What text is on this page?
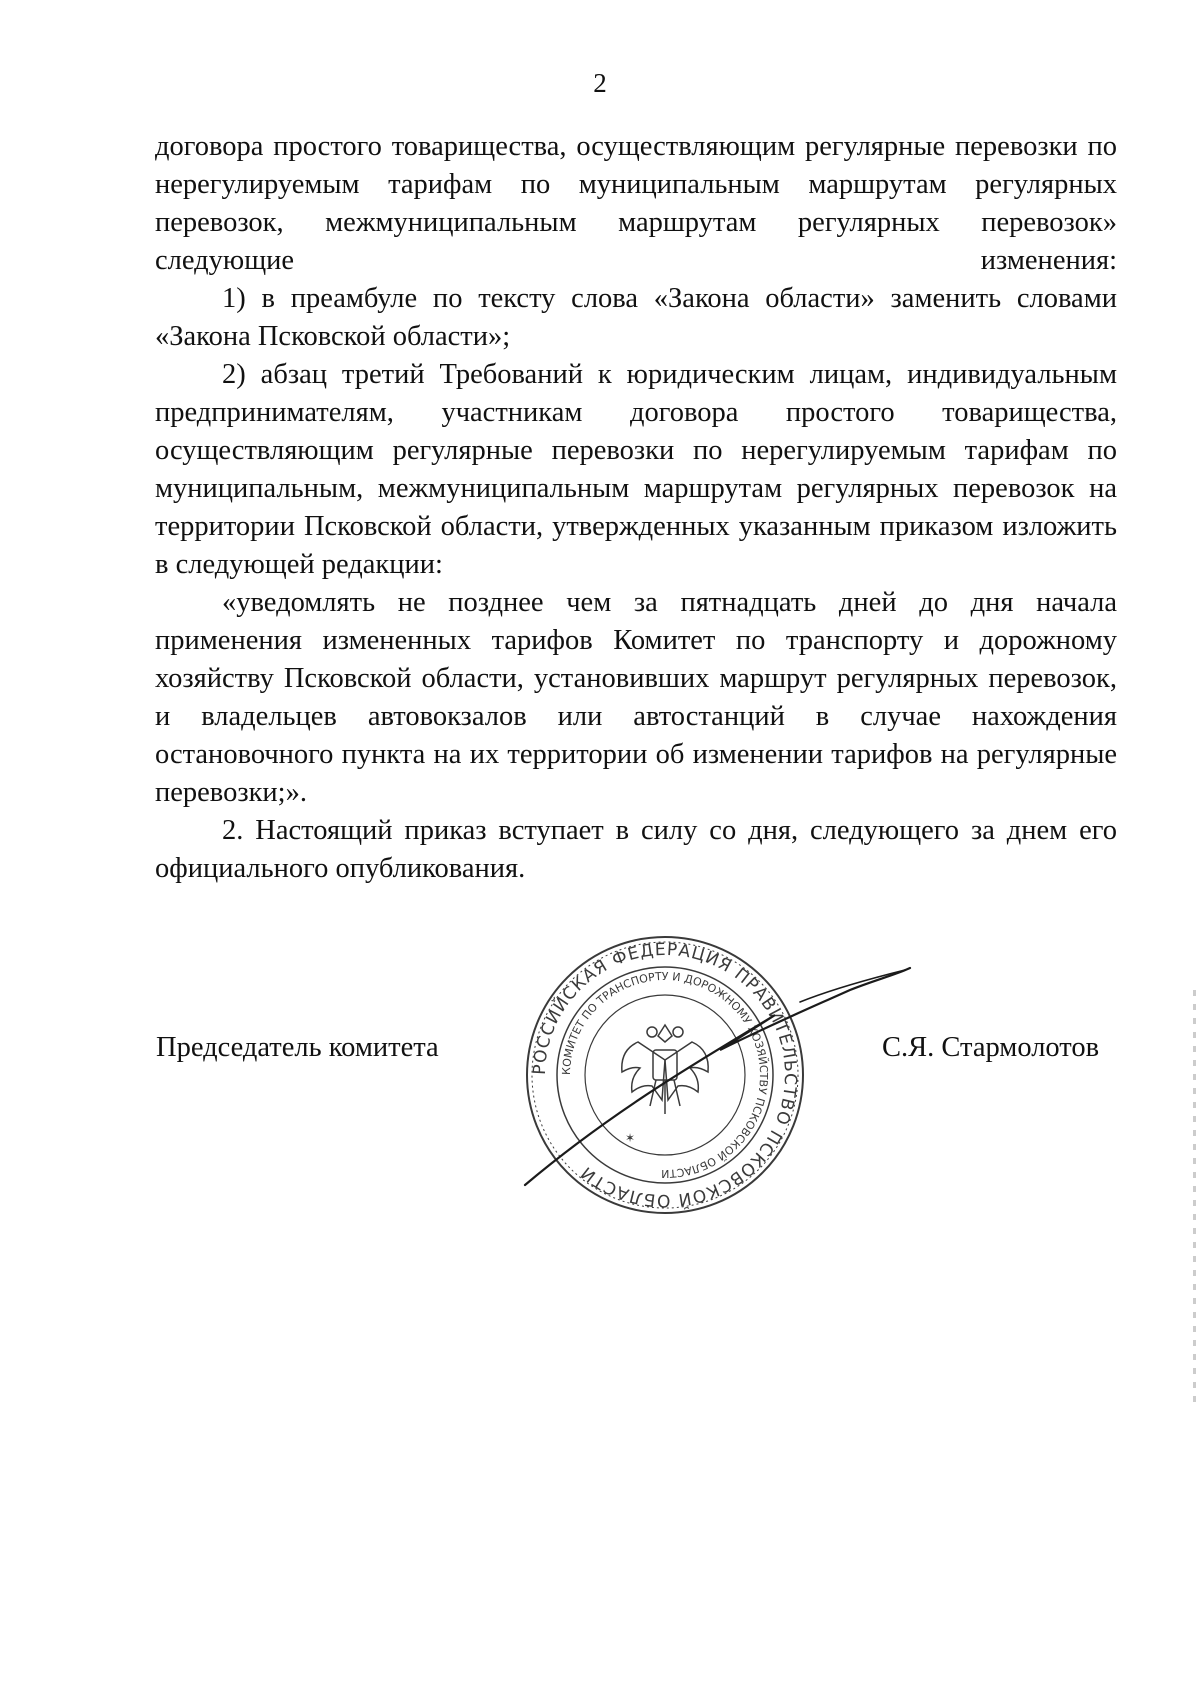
2

договора простого товарищества, осуществляющим регулярные перевозки по нерегулируемым тарифам по муниципальным маршрутам регулярных перевозок, межмуниципальным маршрутам регулярных перевозок» следующие изменения:

1) в преамбуле по тексту слова «Закона области» заменить словами «Закона Псковской области»;

2) абзац третий Требований к юридическим лицам, индивидуальным предпринимателям, участникам договора простого товарищества, осуществляющим регулярные перевозки по нерегулируемым тарифам по муниципальным, межмуниципальным маршрутам регулярных перевозок на территории Псковской области, утвержденных указанным приказом изложить в следующей редакции:

«уведомлять не позднее чем за пятнадцать дней до дня начала применения измененных тарифов Комитет по транспорту и дорожному хозяйству Псковской области, установивших маршрут регулярных перевозок, и владельцев автовокзалов или автостанций в случае нахождения остановочного пункта на их территории об изменении тарифов на регулярные перевозки;».

2. Настоящий приказ вступает в силу со дня, следующего за днем его официального опубликования.

Председатель комитета
РОССИЙСКАЯ ФЕДЕРАЦИЯ ПРАВИТЕЛЬСТВО ПСКОВСКОЙ ОБЛАСТИ
КОМИТЕТ ПО ТРАНСПОРТУ И ДОРОЖНОМУ ХОЗЯЙСТВУ ПСКОВСКОЙ ОБЛАСТИ
✶
С.Я. Стармолотов
